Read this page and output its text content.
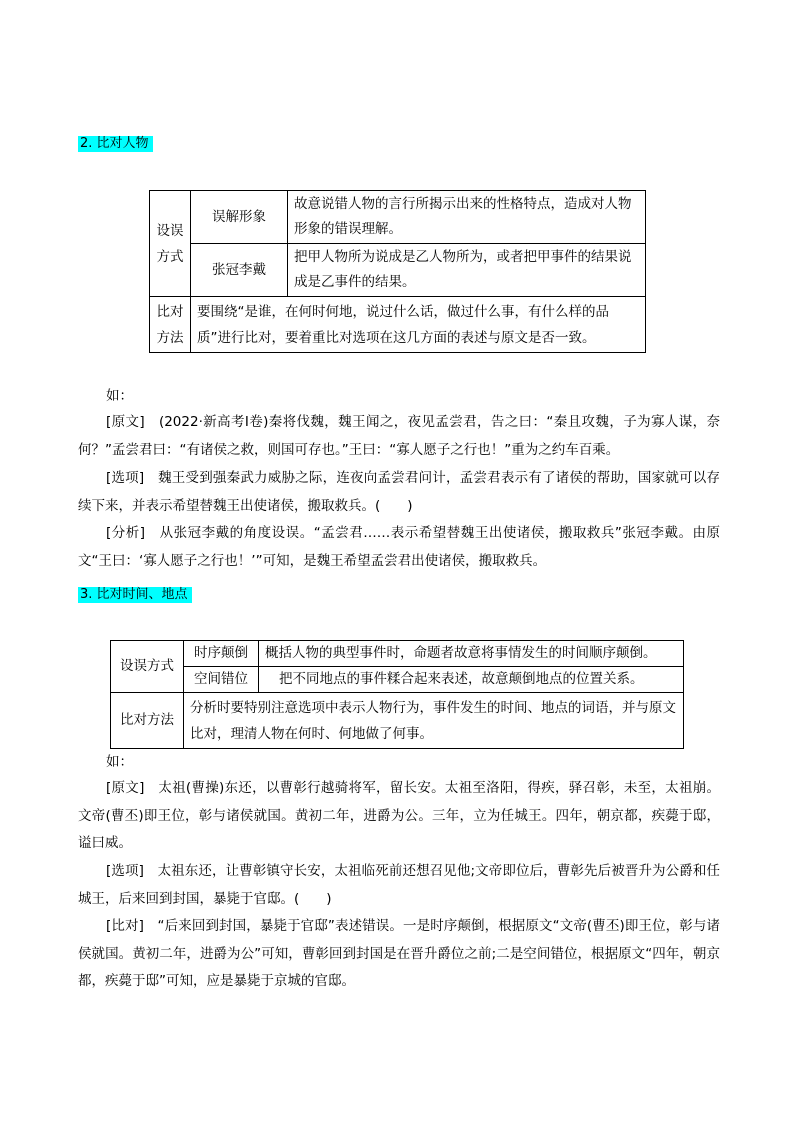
2. 比对人物
设误方式	误解形象	故意说错人物的言行所揭示出来的性格特点，造成对人物形象的错误理解。
	张冠李戴	把甲人物所为说成是乙人物所为，或者把甲事件的结果说成是乙事件的结果。
比对方法	要围绕“是谁，在何时何地，说过什么话，做过什么事，有什么样的品质”进行比对，要着重比对选项在这几方面的表述与原文是否一致。	
如：

[原文]　(2022·新高考Ⅰ卷)秦将伐魏，魏王闻之，夜见孟尝君，告之曰：“秦且攻魏，子为寡人谋，奈何？”孟尝君曰：“有诸侯之救，则国可存也。”王曰：“寡人愿子之行也！”重为之约车百乘。

[选项]　魏王受到强秦武力威胁之际，连夜向孟尝君问计，孟尝君表示有了诸侯的帮助，国家就可以存续下来，并表示希望替魏王出使诸侯，搬取救兵。(　　)

[分析]　从张冠李戴的角度设误。“孟尝君……表示希望替魏王出使诸侯，搬取救兵”张冠李戴。由原文“王曰：‘寡人愿子之行也！’”可知，是魏王希望孟尝君出使诸侯，搬取救兵。

3. 比对时间、地点
设误方式	时序颠倒	概括人物的典型事件时，命题者故意将事情发生的时间顺序颠倒。
	空间错位	把不同地点的事件糅合起来表述，故意颠倒地点的位置关系。
比对方法	分析时要特别注意选项中表示人物行为，事件发生的时间、地点的词语，并与原文比对，理清人物在何时、何地做了何事。	
如：

[原文]　太祖(曹操)东还，以曹彰行越骑将军，留长安。太祖至洛阳，得疾，驿召彰，未至，太祖崩。文帝(曹丕)即王位，彰与诸侯就国。黄初二年，进爵为公。三年，立为任城王。四年，朝京都，疾薨于邸，谥曰威。

[选项]　太祖东还，让曹彰镇守长安，太祖临死前还想召见他;文帝即位后，曹彰先后被晋升为公爵和任城王，后来回到封国，暴毙于官邸。(　　)

[比对]　“后来回到封国，暴毙于官邸”表述错误。一是时序颠倒，根据原文“文帝(曹丕)即王位，彰与诸侯就国。黄初二年，进爵为公”可知，曹彰回到封国是在晋升爵位之前;二是空间错位，根据原文“四年，朝京都，疾薨于邸”可知，应是暴毙于京城的官邸。
